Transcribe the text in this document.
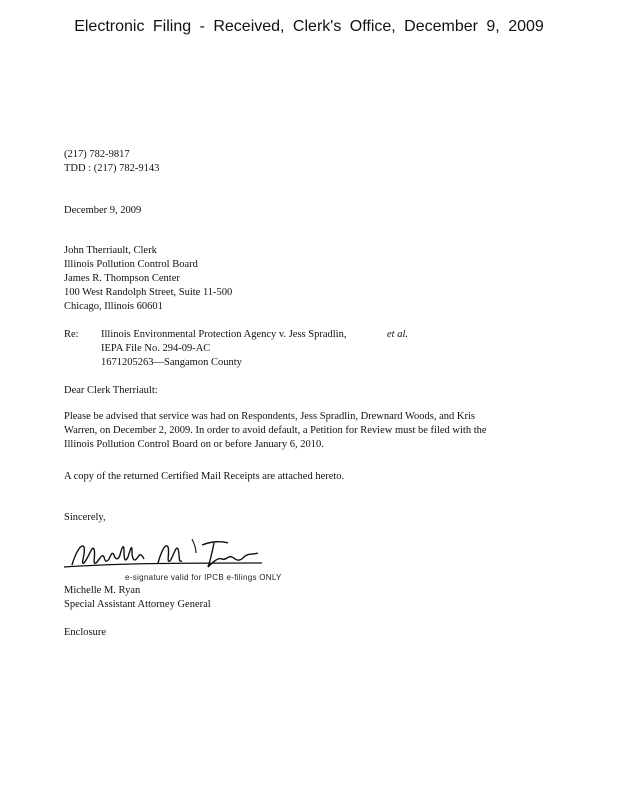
Electronic Filing - Received, Clerk's Office, December 9, 2009
(217) 782-9817
TDD : (217) 782-9143
December 9, 2009
John Therriault, Clerk
Illinois Pollution Control Board
James R. Thompson Center
100 West Randolph Street, Suite 11-500
Chicago, Illinois 60601
Re: Illinois Environmental Protection Agency v. Jess Spradlin,
IEPA File No. 294-09-AC
1671205263—Sangamon County
et al.
Dear Clerk Therriault:
Please be advised that service was had on Respondents, Jess Spradlin, Drewnard Woods, and Kris
Warren, on December 2, 2009. In order to avoid default, a Petition for Review must be filed with the
Illinois Pollution Control Board on or before January 6, 2010.
A copy of the returned Certified Mail Receipts are attached hereto.
Sincerely,
e-signature valid for IPCB e-filings ONLY
Michelle M. Ryan
Special Assistant Attorney General
Enclosure
